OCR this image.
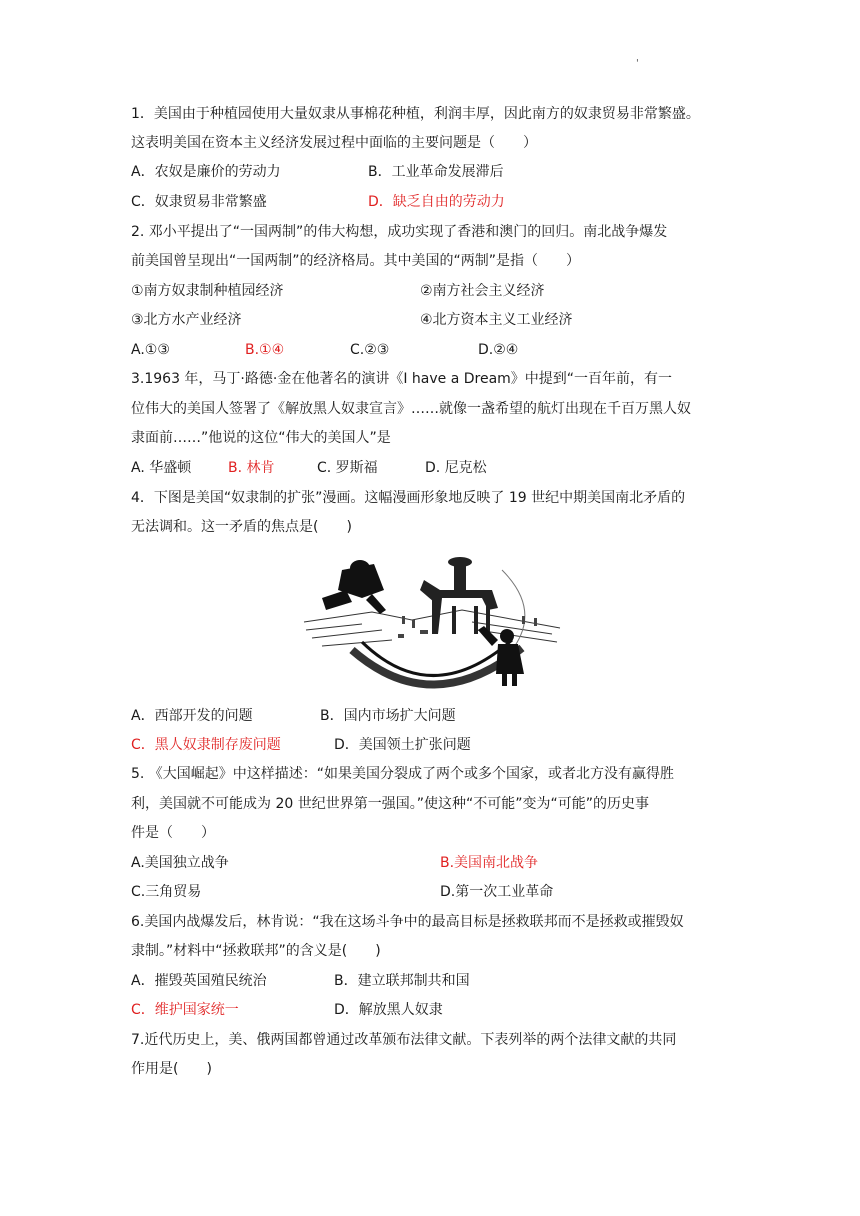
'
1．美国由于种植园使用大量奴隶从事棉花种植，利润丰厚，因此南方的奴隶贸易非常繁盛。
这表明美国在资本主义经济发展过程中面临的主要问题是（　　）
A．农奴是廉价的劳动力	B．工业革命发展滞后
C．奴隶贸易非常繁盛	D．缺乏自由的劳动力
2. 邓小平提出了“一国两制”的伟大构想，成功实现了香港和澳门的回归。南北战争爆发
前美国曾呈现出“一国两制”的经济格局。其中美国的“两制”是指（　　）
①南方奴隶制种植园经济	②南方社会主义经济
③北方水产业经济	④北方资本主义工业经济
A.①③	B.①④	C.②③	D.②④
3.1963 年，马丁·路德·金在他著名的演讲《I have a Dream》中提到“一百年前，有一
位伟大的美国人签署了《解放黑人奴隶宣言》……就像一盏希望的航灯出现在千百万黑人奴
隶面前……”他说的这位“伟大的美国人”是
A. 华盛顿	B. 林肯	C. 罗斯福	D. 尼克松
4．下图是美国“奴隶制的扩张”漫画。这幅漫画形象地反映了 19 世纪中期美国南北矛盾的
无法调和。这一矛盾的焦点是(　　)
A．西部开发的问题	B．国内市场扩大问题
C．黑人奴隶制存废问题	D．美国领土扩张问题
5. 《大国崛起》中这样描述：“如果美国分裂成了两个或多个国家，或者北方没有赢得胜
利，美国就不可能成为 20 世纪世界第一强国。”使这种“不可能”变为“可能”的历史事
件是（　　）
A.美国独立战争	B.美国南北战争
C.三角贸易	D.第一次工业革命
6.美国内战爆发后，林肯说：“我在这场斗争中的最高目标是拯救联邦而不是拯救或摧毁奴
隶制。”材料中“拯救联邦”的含义是(　　)
A．摧毁英国殖民统治	B．建立联邦制共和国
C．维护国家统一	D．解放黑人奴隶
7.近代历史上，美、俄两国都曾通过改革颁布法律文献。下表列举的两个法律文献的共同
作用是(　　)
